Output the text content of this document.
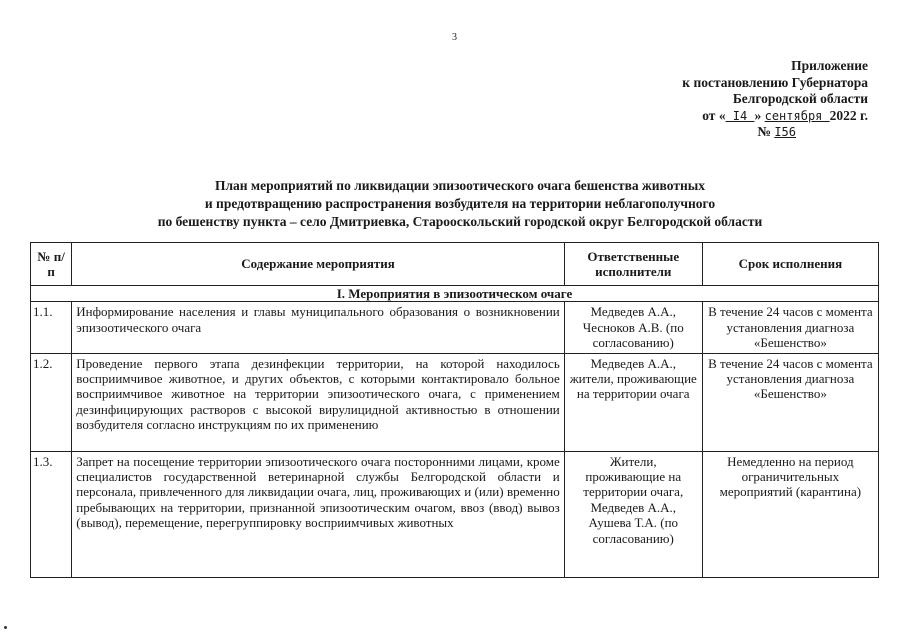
3
Приложение
к постановлению Губернатора
Белгородской области
от « I4 » сентября 2022 г.
№ I56
План мероприятий по ликвидации эпизоотического очага бешенства животных
и предотвращению распространения возбудителя на территории неблагополучного
по бешенству пункта – село Дмитриевка, Старооскольский городской округ Белгородской области
№ п/п	Содержание мероприятия	Ответственные исполнители	Срок исполнения
I. Мероприятия в эпизоотическом очаге			
1.1.	Информирование населения и главы муниципального образования о возникновении эпизоотического очага	Медведев А.А., Чесноков А.В. (по согласованию)	В течение 24 часов с момента установления диагноза «Бешенство»
1.2.	Проведение первого этапа дезинфекции территории, на которой находилось восприимчивое животное, и других объектов, с которыми контактировало больное восприимчивое животное на территории эпизоотического очага, с применением дезинфицирующих растворов с высокой вирулицидной активностью в отношении возбудителя согласно инструкциям по их применению	Медведев А.А., жители, проживающие на территории очага	В течение 24 часов с момента установления диагноза «Бешенство»
1.3.	Запрет на посещение территории эпизоотического очага посторонними лицами, кроме специалистов государственной ветеринарной службы Белгородской области и персонала, привлеченного для ликвидации очага, лиц, проживающих и (или) временно пребывающих на территории, признанной эпизоотическим очагом, ввоз (ввод) вывоз (вывод), перемещение, перегруппировку восприимчивых животных	Жители, проживающие на территории очага, Медведев А.А., Аушева Т.А. (по согласованию)	Немедленно на период ограничительных мероприятий (карантина)
